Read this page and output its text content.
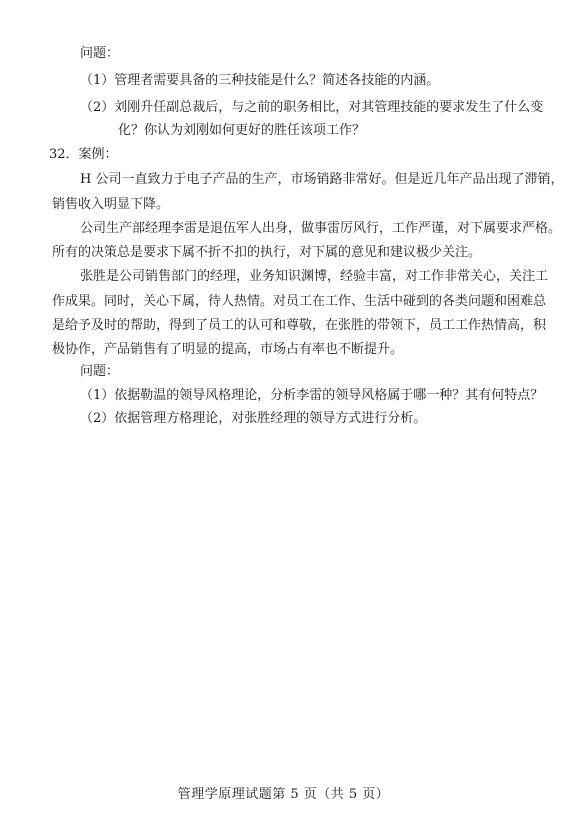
问题：
（1）管理者需要具备的三种技能是什么？简述各技能的内涵。
（2）刘刚升任副总裁后，与之前的职务相比，对其管理技能的要求发生了什么变
化？你认为刘刚如何更好的胜任该项工作？
32．案例：
H 公司一直致力于电子产品的生产，市场销路非常好。但是近几年产品出现了滞销，
销售收入明显下降。
公司生产部经理李雷是退伍军人出身，做事雷厉风行，工作严谨，对下属要求严格。
所有的决策总是要求下属不折不扣的执行，对下属的意见和建议极少关注。
张胜是公司销售部门的经理，业务知识渊博，经验丰富，对工作非常关心，关注工
作成果。同时，关心下属，待人热情。对员工在工作、生活中碰到的各类问题和困难总
是给予及时的帮助，得到了员工的认可和尊敬，在张胜的带领下，员工工作热情高，积
极协作，产品销售有了明显的提高，市场占有率也不断提升。
问题：
（1）依据勒温的领导风格理论，分析李雷的领导风格属于哪一种？其有何特点？
（2）依据管理方格理论，对张胜经理的领导方式进行分析。
管理学原理试题第 5 页（共 5 页）
